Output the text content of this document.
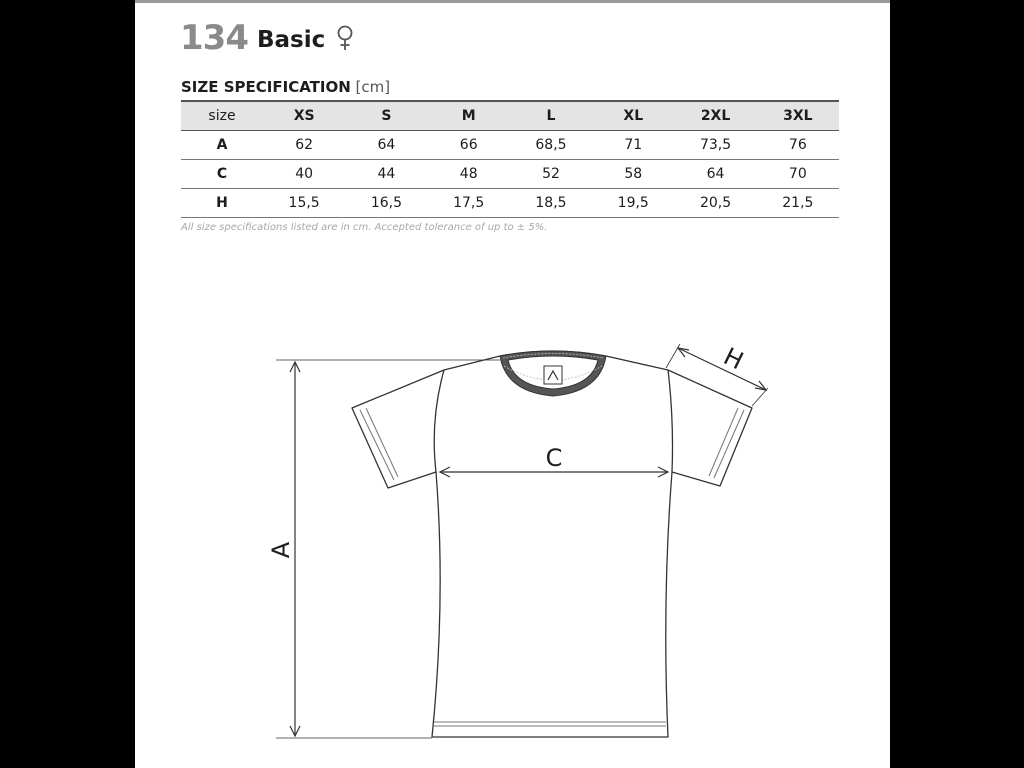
134 Basic
SIZE SPECIFICATION [cm]
size	XS	S	M	L	XL	2XL	3XL
A	62	64	66	68,5	71	73,5	76
C	40	44	48	52	58	64	70
H	15,5	16,5	17,5	18,5	19,5	20,5	21,5
All size specifications listed are in cm. Accepted tolerance of up to ± 5%.
A
C
H
